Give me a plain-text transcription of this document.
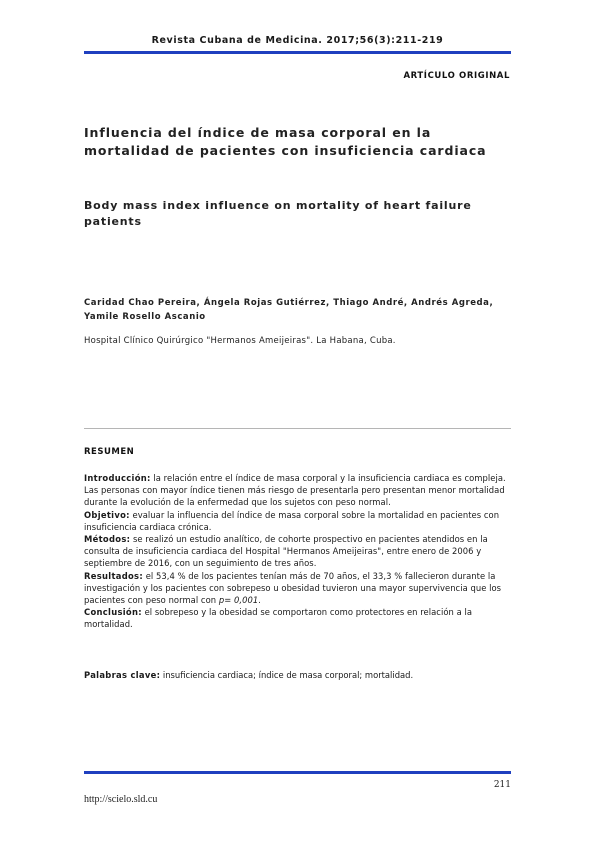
Revista Cubana de Medicina. 2017;56(3):211-219
ARTÍCULO ORIGINAL
Influencia del índice de masa corporal en la mortalidad de pacientes con insuficiencia cardiaca
Body mass index influence on mortality of heart failure patients
Caridad Chao Pereira, Ángela Rojas Gutiérrez, Thiago André, Andrés Agreda, Yamile Rosello Ascanio
Hospital Clínico Quirúrgico "Hermanos Ameijeiras". La Habana, Cuba.
RESUMEN

Introducción: la relación entre el índice de masa corporal y la insuficiencia cardiaca es compleja. Las personas con mayor índice tienen más riesgo de presentarla pero presentan menor mortalidad durante la evolución de la enfermedad que los sujetos con peso normal.

Objetivo: evaluar la influencia del índice de masa corporal sobre la mortalidad en pacientes con insuficiencia cardiaca crónica.

Métodos: se realizó un estudio analítico, de cohorte prospectivo en pacientes atendidos en la consulta de insuficiencia cardiaca del Hospital "Hermanos Ameijeiras", entre enero de 2006 y septiembre de 2016, con un seguimiento de tres años.

Resultados: el 53,4 % de los pacientes tenían más de 70 años, el 33,3 % fallecieron durante la investigación y los pacientes con sobrepeso u obesidad tuvieron una mayor supervivencia que los pacientes con peso normal con p= 0,001.

Conclusión: el sobrepeso y la obesidad se comportaron como protectores en relación a la mortalidad.

Palabras clave: insuficiencia cardiaca; índice de masa corporal; mortalidad.
211
http://scielo.sld.cu
